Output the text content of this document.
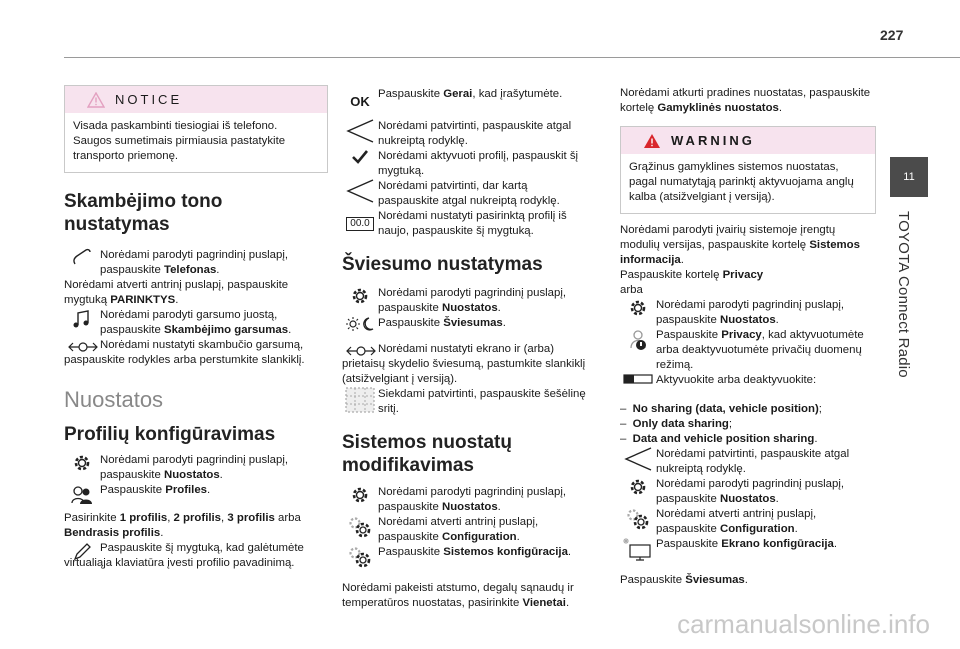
227
11
TOYOTA Connect Radio
NOTICE
Visada paskambinti tiesiogiai iš telefono. Saugos sumetimais pirmiausia pastatykite transporto priemonę.
Skambėjimo tono nustatymas
Norėdami parodyti pagrindinį puslapį, paspauskite Telefonas.
Norėdami atverti antrinį puslapį, paspauskite mygtuką PARINKTYS.
Norėdami parodyti garsumo juostą, paspauskite Skambėjimo garsumas.
Norėdami nustatyti skambučio garsumą, paspauskite rodykles arba perstumkite slankiklį.
Nuostatos
Profilių konfigūravimas
Norėdami parodyti pagrindinį puslapį, paspauskite Nuostatos.
Paspauskite Profiles.
Pasirinkite 1 profilis, 2 profilis, 3 profilis arba Bendrasis profilis.
Paspauskite šį mygtuką, kad galėtumėte virtualiąja klaviatūra įvesti profilio pavadinimą.
OK Paspauskite Gerai, kad įrašytumėte.
Norėdami patvirtinti, paspauskite atgal nukreiptą rodyklę.
Norėdami aktyvuoti profilį, paspauskit šį mygtuką.
Norėdami patvirtinti, dar kartą paspauskite atgal nukreiptą rodyklę.
00.0
Norėdami nustatyti pasirinktą profilį iš naujo, paspauskite šį mygtuką.
Šviesumo nustatymas
Norėdami parodyti pagrindinį puslapį, paspauskite Nuostatos.
Paspauskite Šviesumas.
Norėdami nustatyti ekrano ir (arba) prietaisų skydelio šviesumą, pastumkite slankiklį (atsižvelgiant į versiją).
Siekdami patvirtinti, paspauskite šešėlinę sritį.
Sistemos nuostatų modifikavimas
Norėdami parodyti pagrindinį puslapį, paspauskite Nuostatos.
Norėdami atverti antrinį puslapį, paspauskite Configuration.
Paspauskite Sistemos konfigūracija.
Norėdami pakeisti atstumo, degalų sąnaudų ir temperatūros nuostatas, pasirinkite Vienetai.
Norėdami atkurti pradines nuostatas, paspauskite kortelę Gamyklinės nuostatos.
WARNING
Grąžinus gamyklines sistemos nuostatas, pagal numatytąją parinktį aktyvuojama anglų kalba (atsižvelgiant į versiją).
Norėdami parodyti įvairių sistemoje įrengtų modulių versijas, paspauskite kortelę Sistemos informacija.
Paspauskite kortelę Privacy
arba
Norėdami parodyti pagrindinį puslapį, paspauskite Nuostatos.
Paspauskite Privacy, kad aktyvuotumėte arba deaktyvuotumėte privačių duomenų režimą.
Aktyvuokite arba deaktyvuokite:
–  No sharing (data, vehicle position);
–  Only data sharing;
–  Data and vehicle position sharing.
Norėdami patvirtinti, paspauskite atgal nukreiptą rodyklę.
Norėdami parodyti pagrindinį puslapį, paspauskite Nuostatos.
Norėdami atverti antrinį puslapį, paspauskite Configuration.
Paspauskite Ekrano konfigūracija.
Paspauskite Šviesumas.
carmanualsonline.info
